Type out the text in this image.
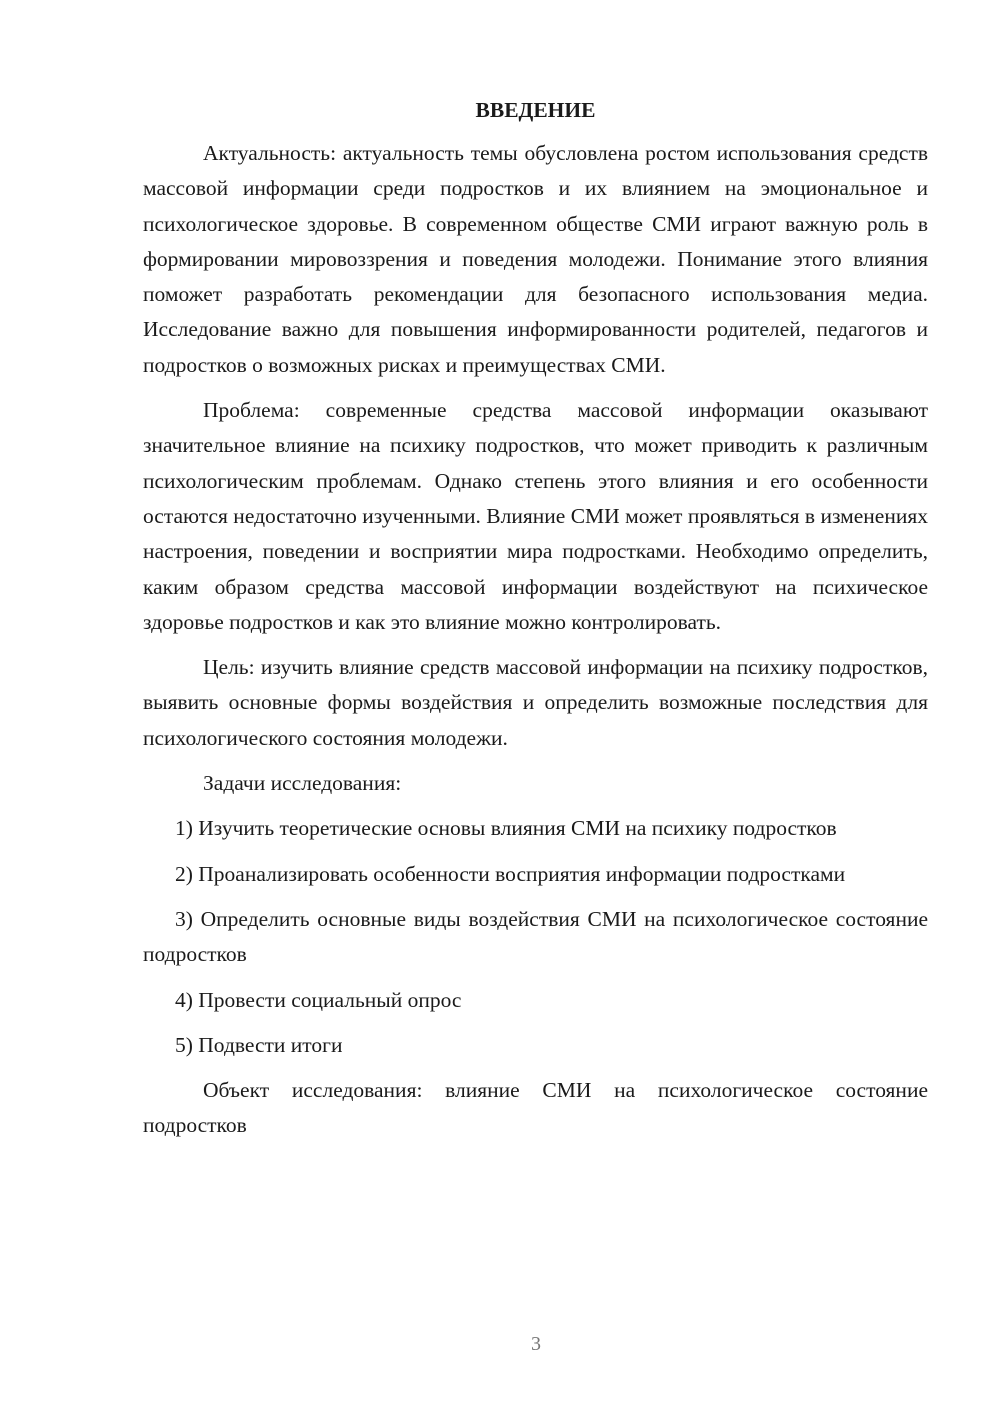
ВВЕДЕНИЕ

Актуальность: актуальность темы обусловлена ростом использования средств массовой информации среди подростков и их влиянием на эмоциональное и психологическое здоровье. В современном обществе СМИ играют важную роль в формировании мировоззрения и поведения молодежи. Понимание этого влияния поможет разработать рекомендации для безопасного использования медиа. Исследование важно для повышения информированности родителей, педагогов и подростков о возможных рисках и преимуществах СМИ.

Проблема: современные средства массовой информации оказывают значительное влияние на психику подростков, что может приводить к различным психологическим проблемам. Однако степень этого влияния и его особенности остаются недостаточно изученными. Влияние СМИ может проявляться в изменениях настроения, поведении и восприятии мира подростками. Необходимо определить, каким образом средства массовой информации воздействуют на психическое здоровье подростков и как это влияние можно контролировать.

Цель: изучить влияние средств массовой информации на психику подростков, выявить основные формы воздействия и определить возможные последствия для психологического состояния молодежи.

Задачи исследования:

1) Изучить теоретические основы влияния СМИ на психику подростков

2) Проанализировать особенности восприятия информации подростками

3) Определить основные виды воздействия СМИ на психологическое состояние подростков

4) Провести социальный опрос

5) Подвести итоги

Объект исследования: влияние СМИ на психологическое состояние подростков

3
